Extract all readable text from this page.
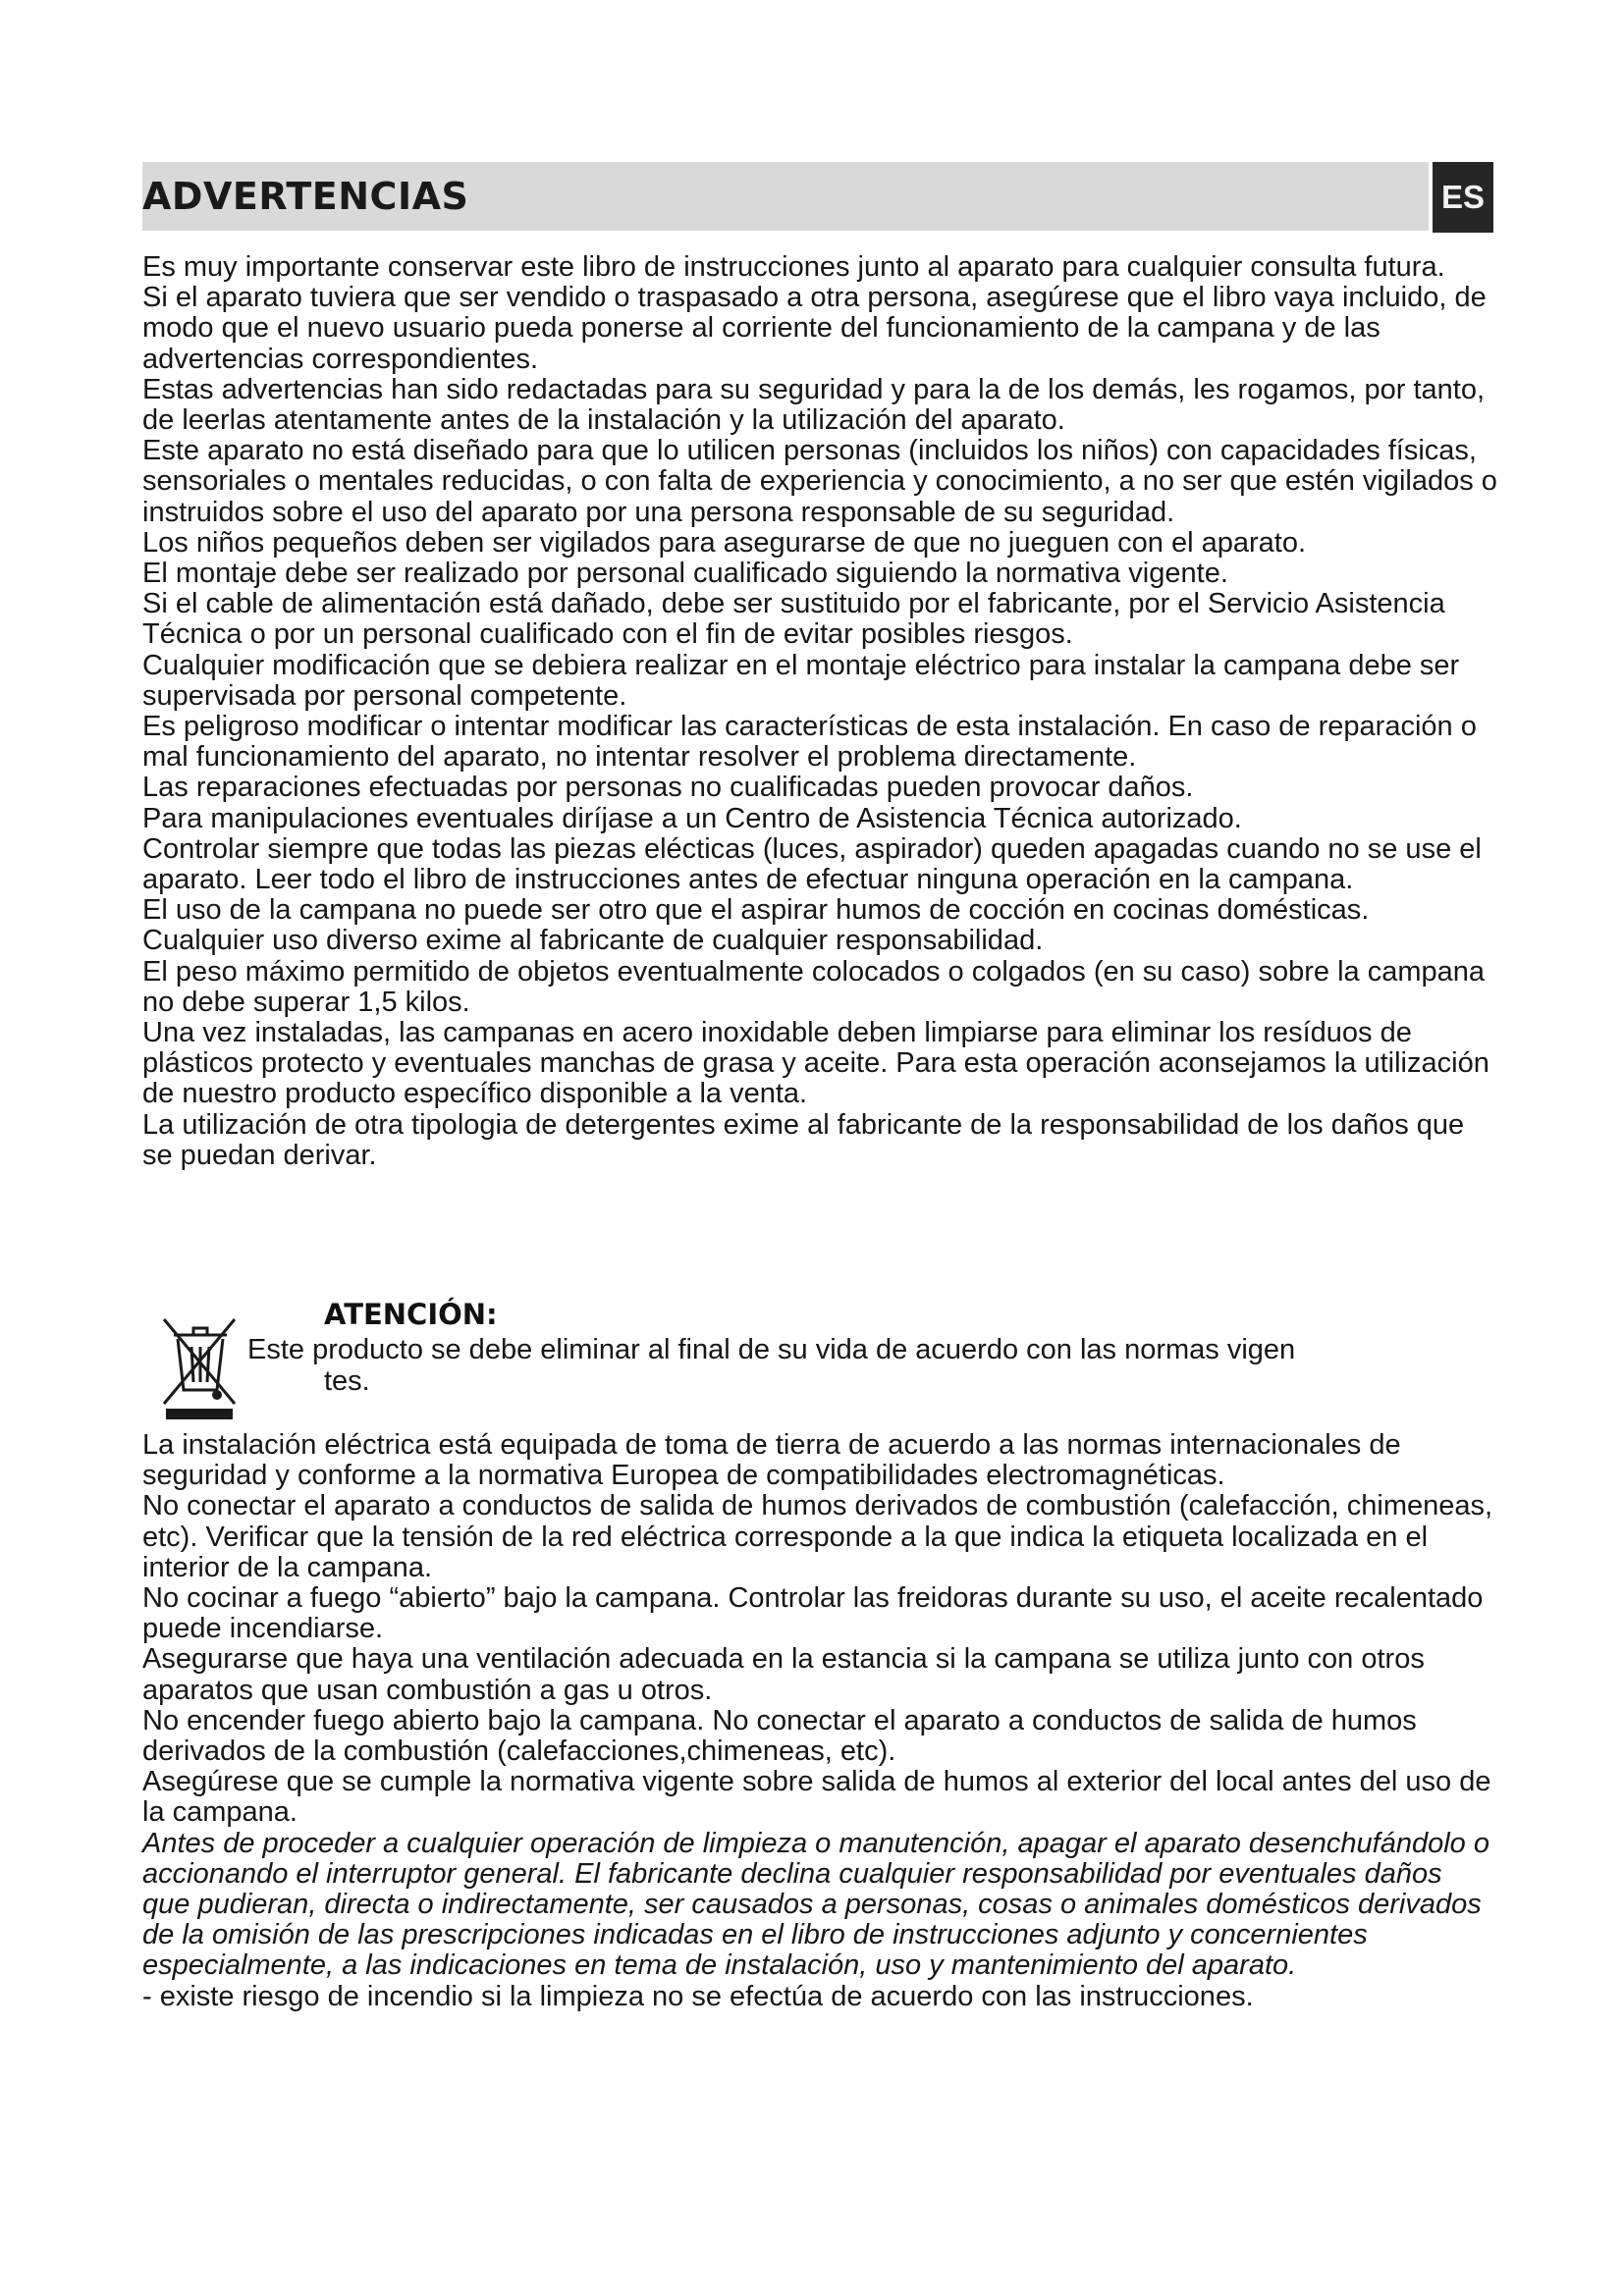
ADVERTENCIAS	ES

Es muy importante conservar este libro de instrucciones junto al aparato para cualquier consulta futura.

Si el aparato tuviera que ser vendido o traspasado a otra persona, asegúrese que el libro vaya incluido, de modo que el nuevo usuario pueda ponerse al corriente del funcionamiento de la campana y de las advertencias correspondientes.

Estas advertencias han sido redactadas para su seguridad y para la de los demás, les rogamos, por tanto, de leerlas atentamente antes de la instalación y la utilización del aparato.

Este aparato no está diseñado para que lo utilicen personas (incluidos los niños) con capacidades físicas, sensoriales o mentales reducidas, o con falta de experiencia y conocimiento, a no ser que estén vigilados o instruidos sobre el uso del aparato por una persona responsable de su seguridad.

Los niños pequeños deben ser vigilados para asegurarse de que no jueguen con el aparato.

El montaje debe ser realizado por personal cualificado siguiendo la normativa vigente.

Si el cable de alimentación está dañado, debe ser sustituido por el fabricante, por el Servicio Asistencia Técnica o por un personal cualificado con el fin de evitar posibles riesgos.

Cualquier modificación que se debiera realizar en el montaje eléctrico para instalar la campana debe ser supervisada por personal competente.

Es peligroso modificar o intentar modificar las características de esta instalación. En caso de reparación o mal funcionamiento del aparato, no intentar resolver el problema directamente.

Las reparaciones efectuadas por personas no cualificadas pueden provocar daños.

Para manipulaciones eventuales diríjase a un Centro de Asistencia Técnica autorizado.

Controlar siempre que todas las piezas elécticas (luces, aspirador) queden apagadas cuando no se use el aparato. Leer todo el libro de instrucciones antes de efectuar ninguna operación en la campana.

El uso de la campana no puede ser otro que el aspirar humos de cocción en cocinas domésticas.

Cualquier uso diverso exime al fabricante de cualquier responsabilidad.

El peso máximo permitido de objetos eventualmente colocados o colgados (en su caso) sobre la campana no debe superar 1,5 kilos.

Una vez instaladas, las campanas en acero inoxidable deben limpiarse para eliminar los resíduos de plásticos protecto y eventuales manchas de grasa y aceite. Para esta operación aconsejamos la utilización de nuestro producto específico disponible a la venta.

La utilización de otra tipologia de detergentes exime al fabricante de la responsabilidad de los daños que se puedan derivar.

ATENCIÓN:
Este producto se debe eliminar al final de su vida de acuerdo con las normas vigen
tes.

La instalación eléctrica está equipada de toma de tierra de acuerdo a las normas internacionales de seguridad y conforme a la normativa Europea de compatibilidades electromagnéticas.

No conectar el aparato a conductos de salida de humos derivados de combustión (calefacción, chimeneas, etc). Verificar que la tensión de la red eléctrica corresponde a la que indica la etiqueta localizada en el interior de la campana.

No cocinar a fuego “abierto” bajo la campana. Controlar las freidoras durante su uso, el aceite recalentado puede incendiarse.

Asegurarse que haya una ventilación adecuada en la estancia si la campana se utiliza junto con otros aparatos que usan combustión a gas u otros.

No encender fuego abierto bajo la campana. No conectar el aparato a conductos de salida de humos derivados de la combustión (calefacciones,chimeneas, etc).

Asegúrese que se cumple la normativa vigente sobre salida de humos al exterior del local antes del uso de la campana.

Antes de proceder a cualquier operación de limpieza o manutención, apagar el aparato desenchufándolo o accionando el interruptor general. El fabricante declina cualquier responsabilidad por eventuales daños que pudieran, directa o indirectamente, ser causados a personas, cosas o animales domésticos derivados de la omisión de las prescripciones indicadas en el libro de instrucciones adjunto y concernientes especialmente, a las indicaciones en tema de instalación, uso y mantenimiento del aparato.

- existe riesgo de incendio si la limpieza no se efectúa de acuerdo con las instrucciones.
